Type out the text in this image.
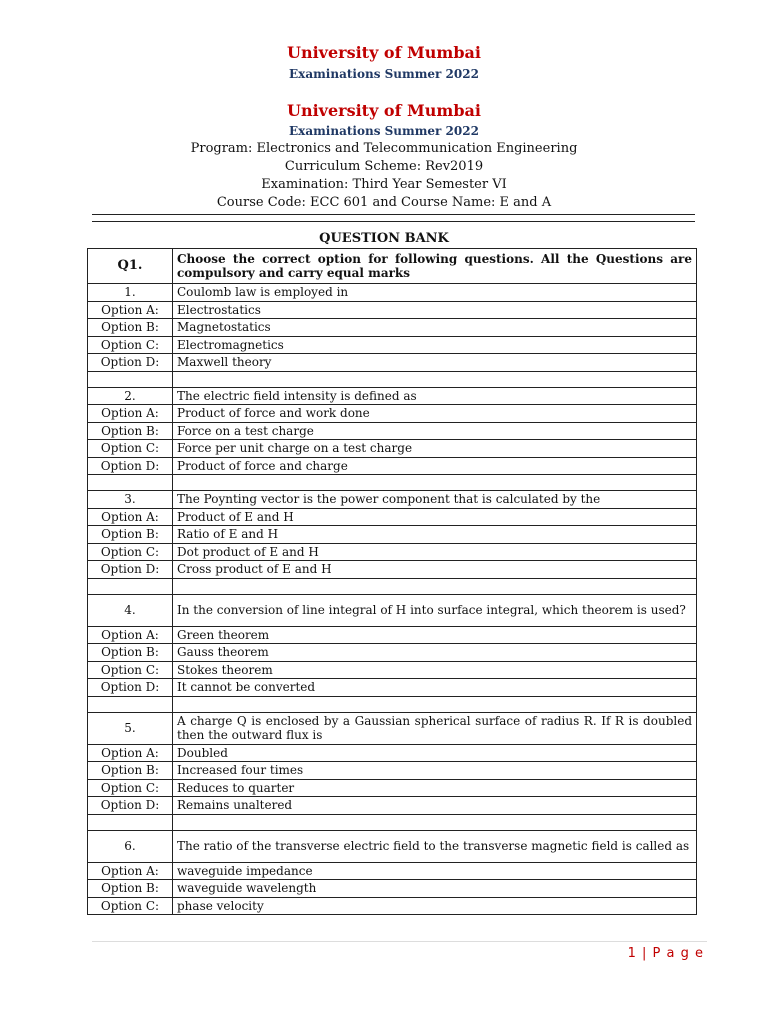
University of Mumbai
Examinations Summer 2022
University of Mumbai
Examinations Summer 2022
Program: Electronics and Telecommunication Engineering
Curriculum Scheme: Rev2019
Examination: Third Year Semester VI
Course Code: ECC 601 and Course Name: E and A
QUESTION BANK
Q1.	Choose the correct option for following questions. All the Questions are compulsory and carry equal marks
1.	Coulomb law is employed in
Option A:	Electrostatics
Option B:	Magnetostatics
Option C:	Electromagnetics
Option D:	Maxwell theory

2.	The electric field intensity is defined as
Option A:	Product of force and work done
Option B:	Force on a test charge
Option C:	Force per unit charge on a test charge
Option D:	Product of force and charge

3.	The Poynting vector is the power component that is calculated by the
Option A:	Product of E and H
Option B:	Ratio of E and H
Option C:	Dot product of E and H
Option D:	Cross product of E and H

4.	In the conversion of line integral of H into surface integral, which theorem is used?
Option A:	Green theorem
Option B:	Gauss theorem
Option C:	Stokes theorem
Option D:	It cannot be converted

5.	A charge Q is enclosed by a Gaussian spherical surface of radius R. If R is doubled then the outward flux is
Option A:	Doubled
Option B:	Increased four times
Option C:	Reduces to quarter
Option D:	Remains unaltered

6.	The ratio of the transverse electric field to the transverse magnetic field is called as
Option A:	waveguide impedance
Option B:	waveguide wavelength
Option C:	phase velocity
1 | P a g e
